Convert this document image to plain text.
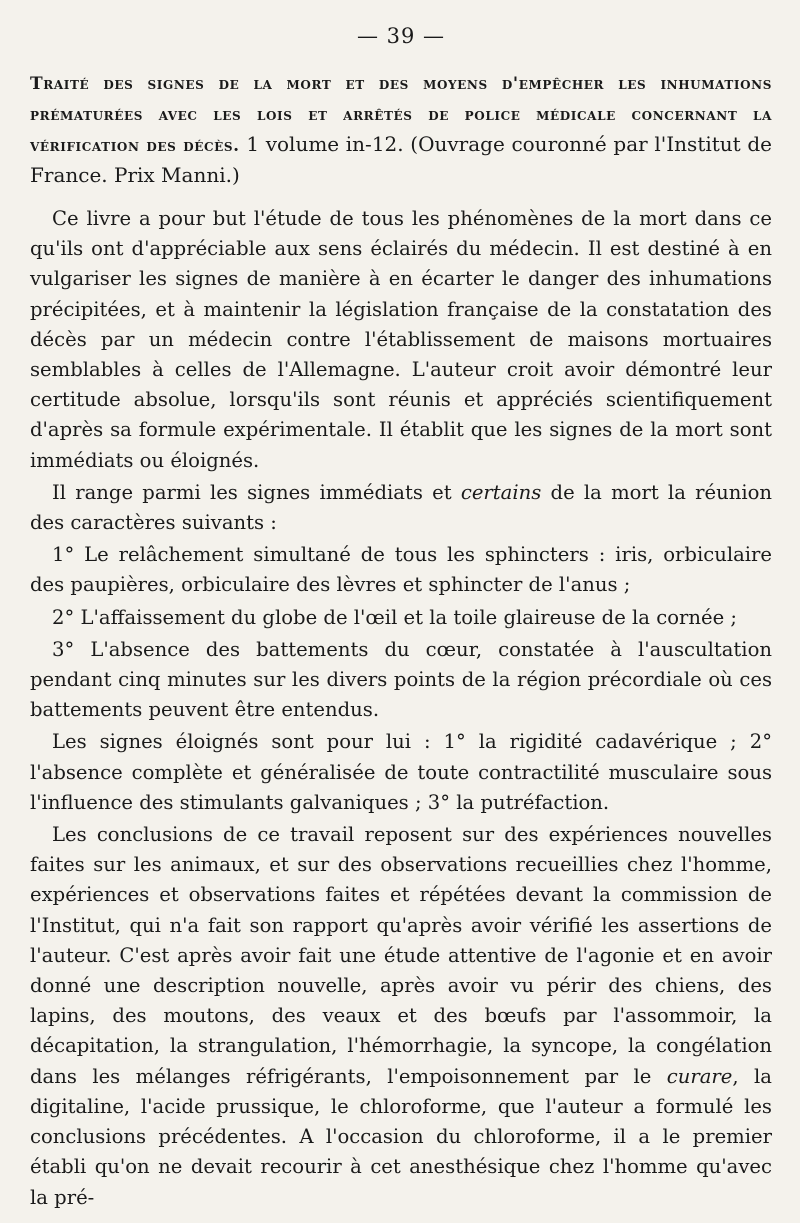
— 39 —

Traité des signes de la mort et des moyens d'empêcher les inhumations prématurées avec les lois et arrêtés de police médicale concernant la vérification des décès. 1 volume in-12. (Ouvrage couronné par l'Institut de France. Prix Manni.)

Ce livre a pour but l'étude de tous les phénomènes de la mort dans ce qu'ils ont d'appréciable aux sens éclairés du médecin. Il est destiné à en vulgariser les signes de manière à en écarter le danger des inhumations précipitées, et à maintenir la législation française de la constatation des décès par un médecin contre l'établissement de maisons mortuaires semblables à celles de l'Allemagne. L'auteur croit avoir démontré leur certitude absolue, lorsqu'ils sont réunis et appréciés scientifiquement d'après sa formule expérimentale. Il établit que les signes de la mort sont immédiats ou éloignés.

Il range parmi les signes immédiats et certains de la mort la réunion des caractères suivants :

1° Le relâchement simultané de tous les sphincters : iris, orbiculaire des paupières, orbiculaire des lèvres et sphincter de l'anus ;

2° L'affaissement du globe de l'œil et la toile glaireuse de la cornée ;

3° L'absence des battements du cœur, constatée à l'auscultation pendant cinq minutes sur les divers points de la région précordiale où ces battements peuvent être entendus.

Les signes éloignés sont pour lui : 1° la rigidité cadavérique ; 2° l'absence complète et généralisée de toute contractilité musculaire sous l'influence des stimulants galvaniques ; 3° la putréfaction.

Les conclusions de ce travail reposent sur des expériences nouvelles faites sur les animaux, et sur des observations recueillies chez l'homme, expériences et observations faites et répétées devant la commission de l'Institut, qui n'a fait son rapport qu'après avoir vérifié les assertions de l'auteur. C'est après avoir fait une étude attentive de l'agonie et en avoir donné une description nouvelle, après avoir vu périr des chiens, des lapins, des moutons, des veaux et des bœufs par l'assommoir, la décapitation, la strangulation, l'hémorrhagie, la syncope, la congélation dans les mélanges réfrigérants, l'empoisonnement par le curare, la digitaline, l'acide prussique, le chloroforme, que l'auteur a formulé les conclusions précédentes. A l'occasion du chloroforme, il a le premier établi qu'on ne devait recourir à cet anesthésique chez l'homme qu'avec la pré-
